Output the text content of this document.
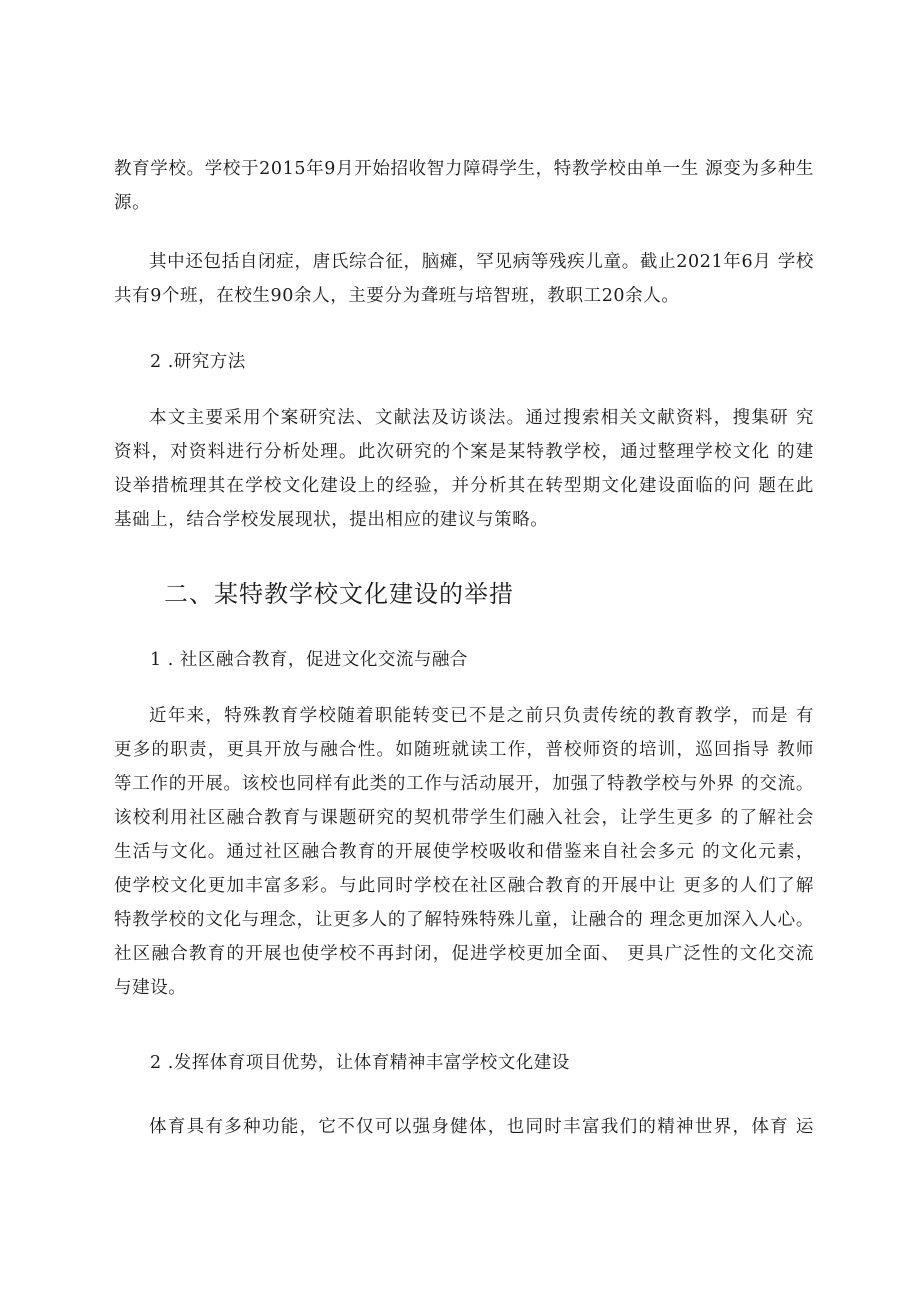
教育学校。学校于2015年9月开始招收智力障碍学生，特教学校由单一生 源变为多种生
源。
其中还包括自闭症，唐氏综合征，脑瘫，罕见病等残疾儿童。截止2021年6月 学校
共有9个班，在校生90余人，主要分为聋班与培智班，教职工20余人。
2 .研究方法
本文主要采用个案研究法、文献法及访谈法。通过搜索相关文献资料，搜集研 究
资料，对资料进行分析处理。此次研究的个案是某特教学校，通过整理学校文化 的建
设举措梳理其在学校文化建设上的经验，并分析其在转型期文化建设面临的问 题在此
基础上，结合学校发展现状，提出相应的建议与策略。
二、某特教学校文化建设的举措
1 . 社区融合教育，促进文化交流与融合
近年来，特殊教育学校随着职能转变已不是之前只负责传统的教育教学，而是 有
更多的职责，更具开放与融合性。如随班就读工作，普校师资的培训，巡回指导 教师
等工作的开展。该校也同样有此类的工作与活动展开，加强了特教学校与外界 的交流。
该校利用社区融合教育与课题研究的契机带学生们融入社会，让学生更多 的了解社会
生活与文化。通过社区融合教育的开展使学校吸收和借鉴来自社会多元 的文化元素，
使学校文化更加丰富多彩。与此同时学校在社区融合教育的开展中让 更多的人们了解
特教学校的文化与理念，让更多人的了解特殊特殊儿童，让融合的 理念更加深入人心。
社区融合教育的开展也使学校不再封闭，促进学校更加全面、 更具广泛性的文化交流
与建设。
2 .发挥体育项目优势，让体育精神丰富学校文化建设
体育具有多种功能，它不仅可以强身健体，也同时丰富我们的精神世界，体育 运
